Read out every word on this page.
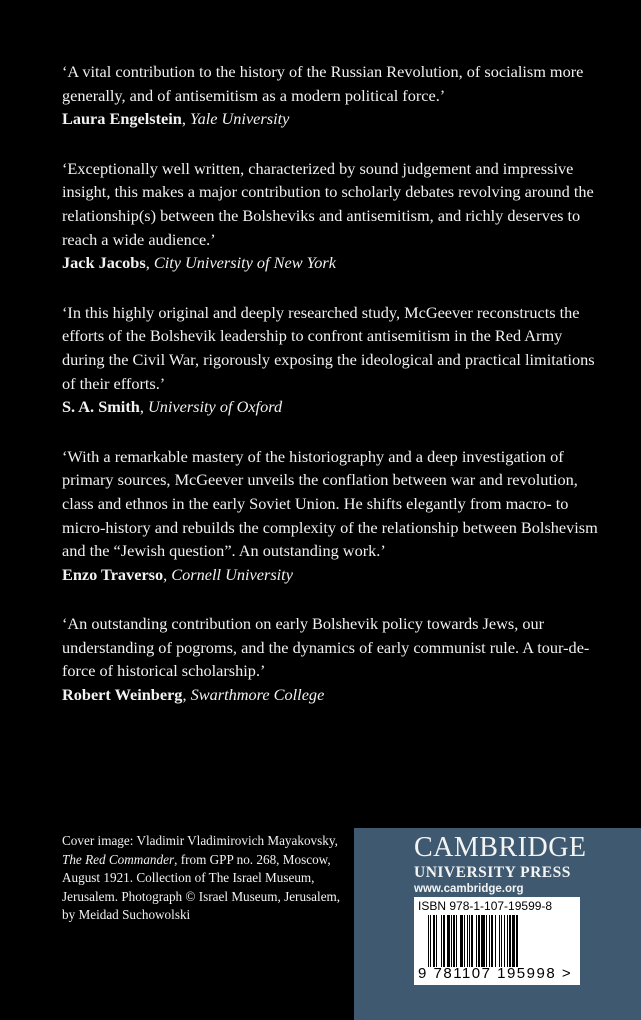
‘A vital contribution to the history of the Russian Revolution, of socialism more generally, and of antisemitism as a modern political force.’

Laura Engelstein, Yale University

‘Exceptionally well written, characterized by sound judgement and impressive insight, this makes a major contribution to scholarly debates revolving around the relationship(s) between the Bolsheviks and antisemitism, and richly deserves to reach a wide audience.’

Jack Jacobs, City University of New York

‘In this highly original and deeply researched study, McGeever reconstructs the efforts of the Bolshevik leadership to confront antisemitism in the Red Army during the Civil War, rigorously exposing the ideological and practical limitations of their efforts.’

S. A. Smith, University of Oxford

‘With a remarkable mastery of the historiography and a deep investigation of primary sources, McGeever unveils the conflation between war and revolution, class and ethnos in the early Soviet Union. He shifts elegantly from macro- to micro-history and rebuilds the complexity of the relationship between Bolshevism and the “Jewish question”. An outstanding work.’

Enzo Traverso, Cornell University

‘An outstanding contribution on early Bolshevik policy towards Jews, our understanding of pogroms, and the dynamics of early communist rule. A tour-de-force of historical scholarship.’

Robert Weinberg, Swarthmore College

Cover image: Vladimir Vladimirovich Mayakovsky, The Red Commander, from GPP no. 268, Moscow, August 1921. Collection of The Israel Museum, Jerusalem. Photograph © Israel Museum, Jerusalem, by Meidad Suchowolski
CAMBRIDGE
UNIVERSITY PRESS
www.cambridge.org
ISBN 978-1-107-19599-8
9 781107 195998 >
